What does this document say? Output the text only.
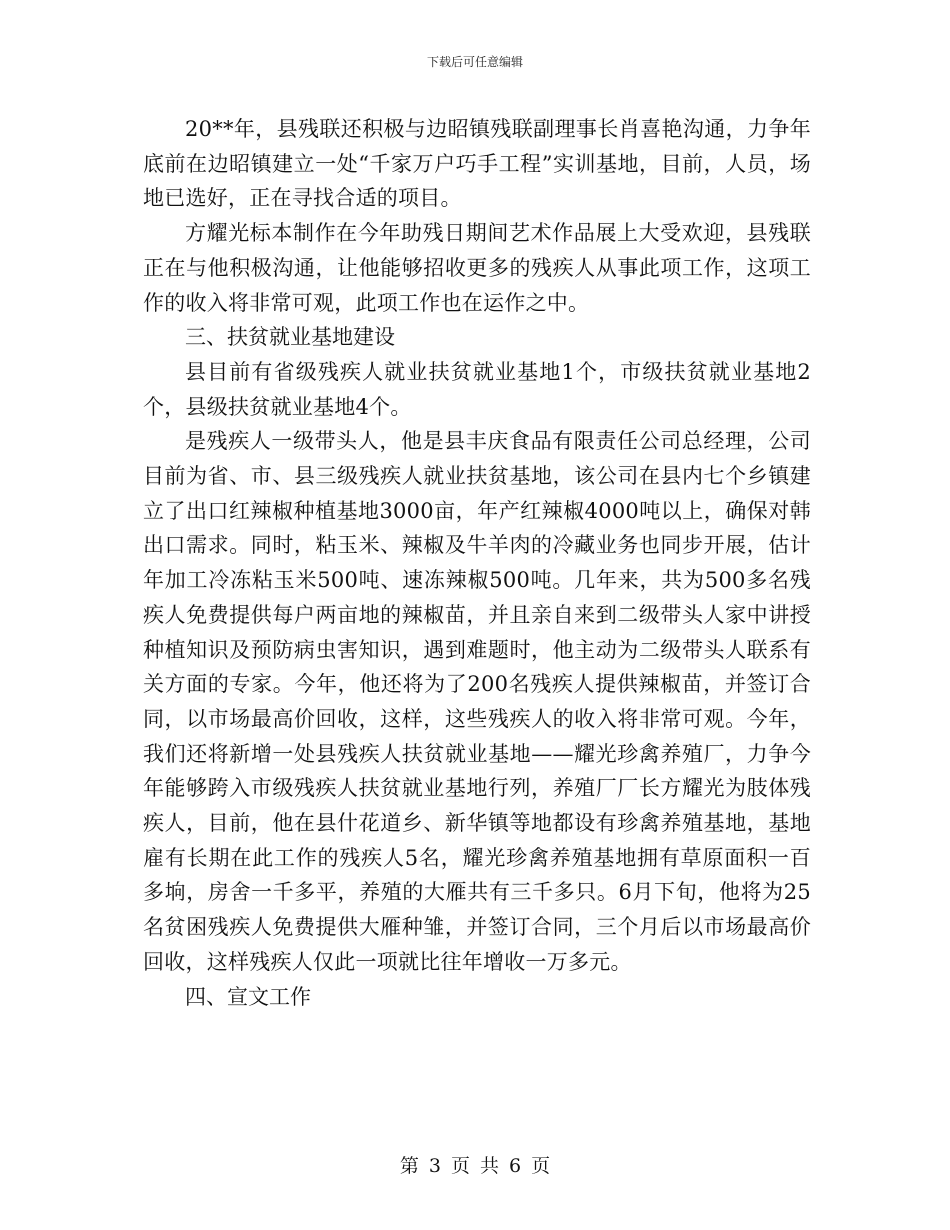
下载后可任意编辑

20**年，县残联还积极与边昭镇残联副理事长肖喜艳沟通，力争年底前在边昭镇建立一处“千家万户巧手工程”实训基地，目前，人员，场地已选好，正在寻找合适的项目。

方耀光标本制作在今年助残日期间艺术作品展上大受欢迎，县残联正在与他积极沟通，让他能够招收更多的残疾人从事此项工作，这项工作的收入将非常可观，此项工作也在运作之中。

三、扶贫就业基地建设

县目前有省级残疾人就业扶贫就业基地1个，市级扶贫就业基地2个，县级扶贫就业基地4个。

是残疾人一级带头人，他是县丰庆食品有限责任公司总经理，公司目前为省、市、县三级残疾人就业扶贫基地，该公司在县内七个乡镇建立了出口红辣椒种植基地3000亩，年产红辣椒4000吨以上，确保对韩出口需求。同时，粘玉米、辣椒及牛羊肉的冷藏业务也同步开展，估计年加工冷冻粘玉米500吨、速冻辣椒500吨。几年来，共为500多名残疾人免费提供每户两亩地的辣椒苗，并且亲自来到二级带头人家中讲授种植知识及预防病虫害知识，遇到难题时，他主动为二级带头人联系有关方面的专家。今年，他还将为了200名残疾人提供辣椒苗，并签订合同，以市场最高价回收，这样，这些残疾人的收入将非常可观。今年，我们还将新增一处县残疾人扶贫就业基地——耀光珍禽养殖厂，力争今年能够跨入市级残疾人扶贫就业基地行列，养殖厂厂长方耀光为肢体残疾人，目前，他在县什花道乡、新华镇等地都设有珍禽养殖基地，基地雇有长期在此工作的残疾人5名，耀光珍禽养殖基地拥有草原面积一百多垧，房舍一千多平，养殖的大雁共有三千多只。6月下旬，他将为25名贫困残疾人免费提供大雁种雏，并签订合同，三个月后以市场最高价回收，这样残疾人仅此一项就比往年增收一万多元。

四、宣文工作

第 3 页 共 6 页
